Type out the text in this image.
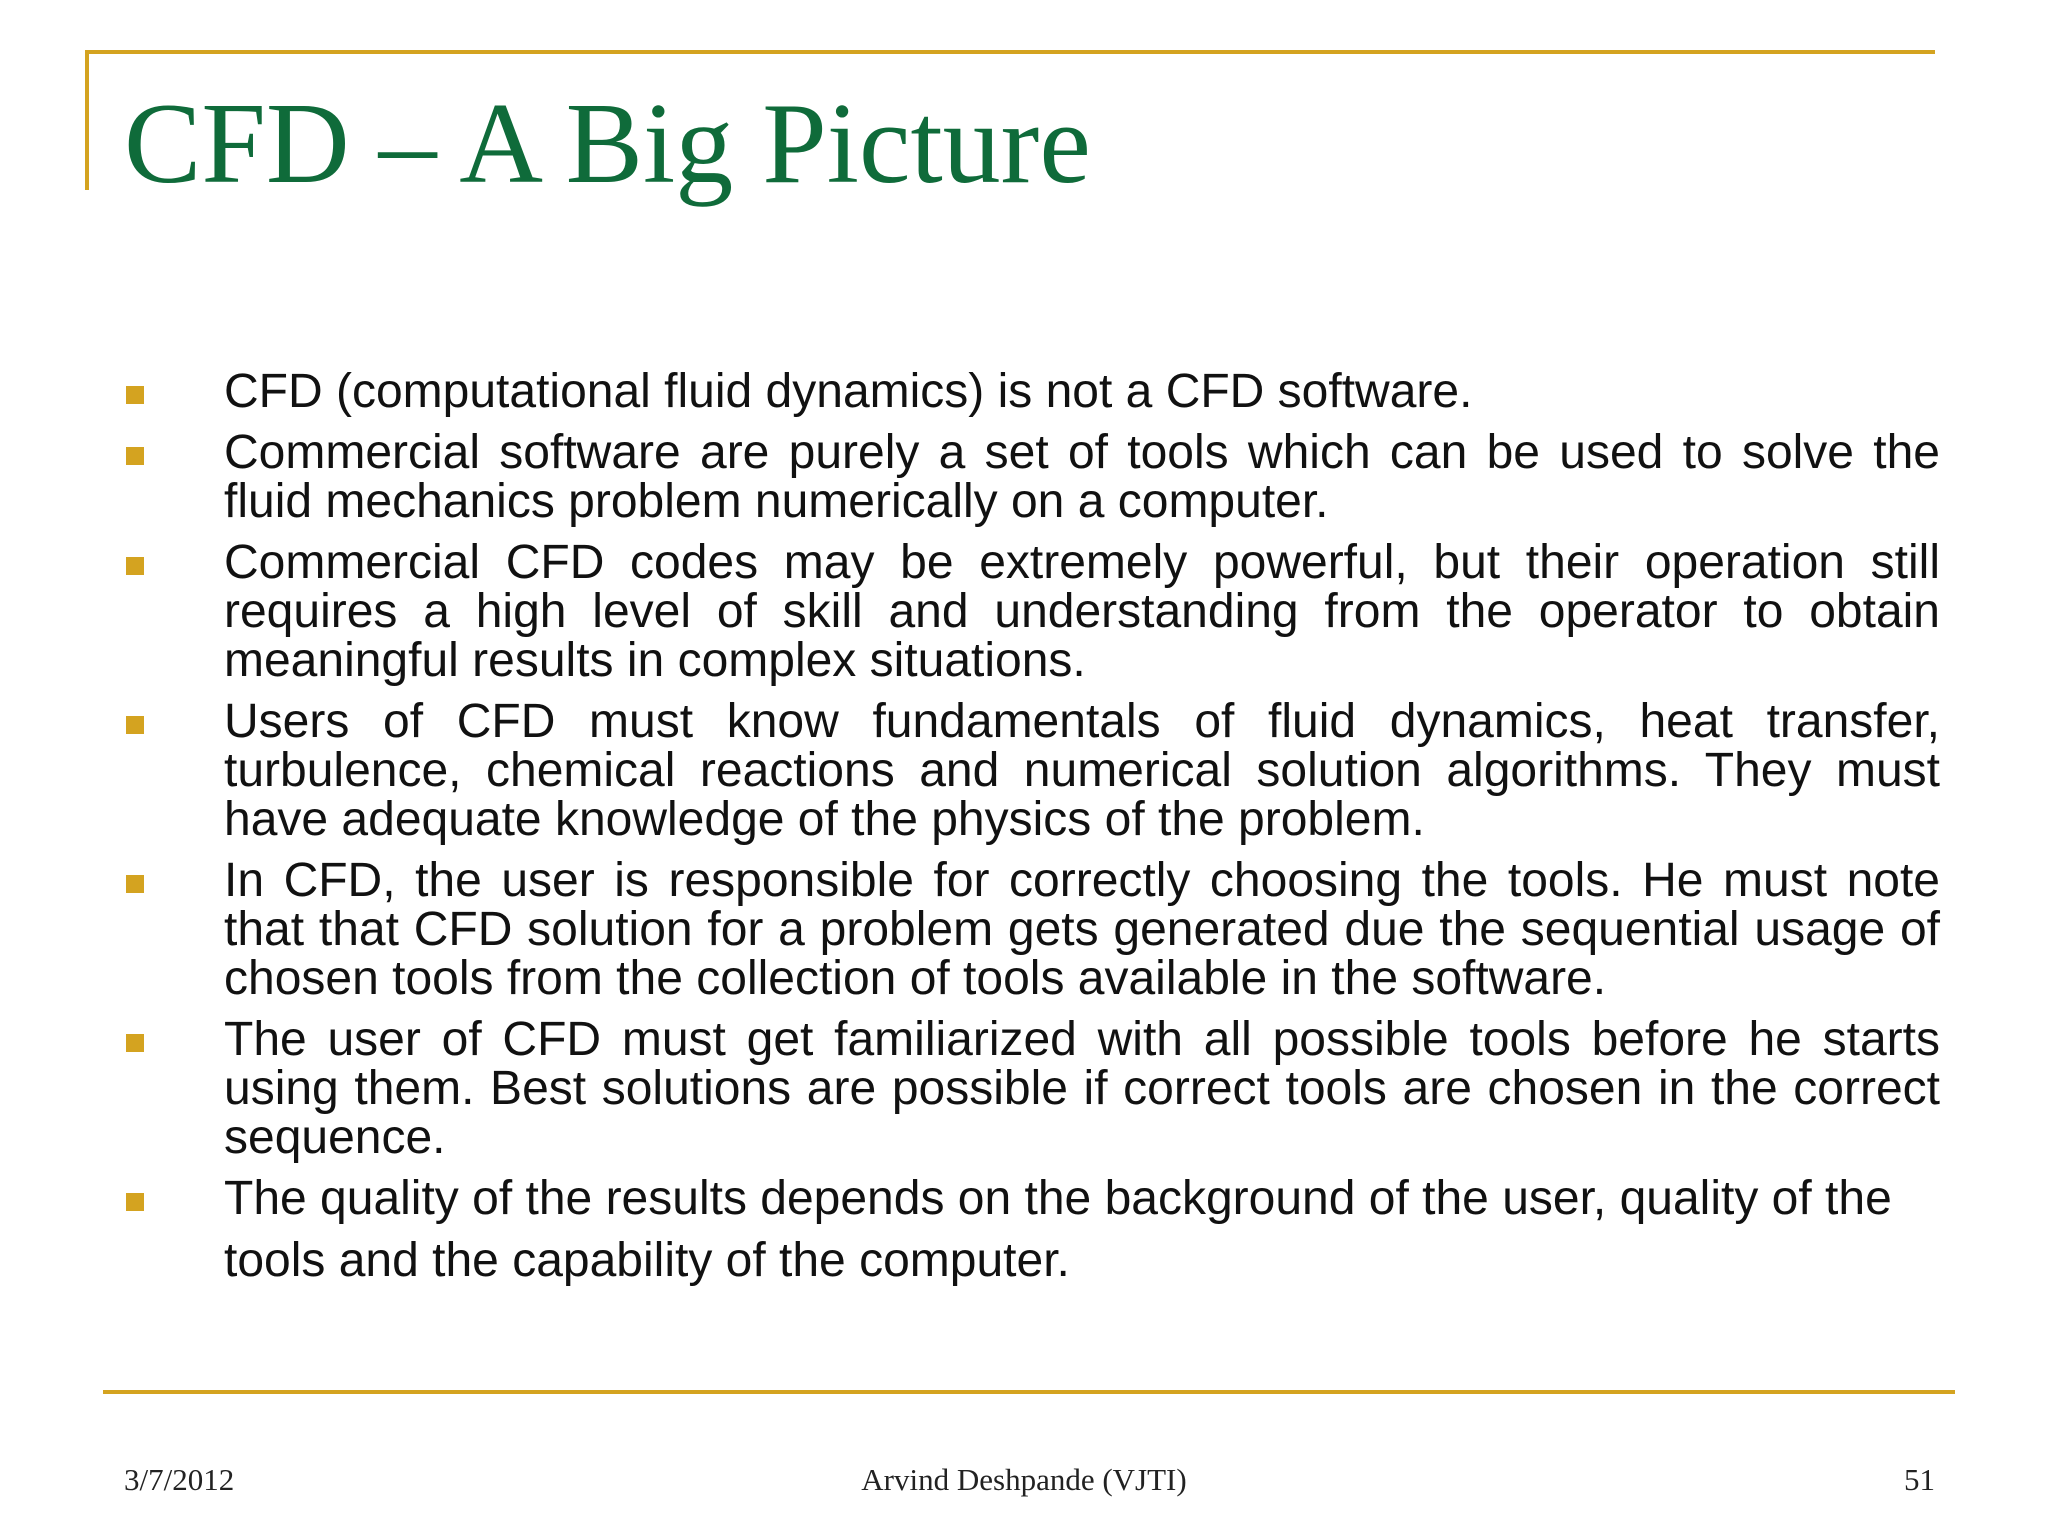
CFD – A Big Picture
CFD (computational fluid dynamics) is not a CFD software.
Commercial software are purely a set of tools which can be used to solve the fluid mechanics problem numerically on a computer.
Commercial CFD codes may be extremely powerful, but their operation still requires a high level of skill and understanding from the operator to obtain meaningful results in complex situations.
Users of CFD must know fundamentals of fluid dynamics, heat transfer, turbulence, chemical reactions and numerical solution algorithms. They must have adequate knowledge of the physics of the problem.
In CFD, the user is responsible for correctly choosing the tools. He must note that that CFD solution for a problem gets generated due the sequential usage of chosen tools from the collection of tools available in the software.
The user of CFD must get familiarized with all possible tools before he starts using them. Best solutions are possible if correct tools are chosen in the correct sequence.
The quality of the results depends on the background of the user, quality of the tools and the capability of the computer.
3/7/2012	Arvind Deshpande (VJTI)	51
